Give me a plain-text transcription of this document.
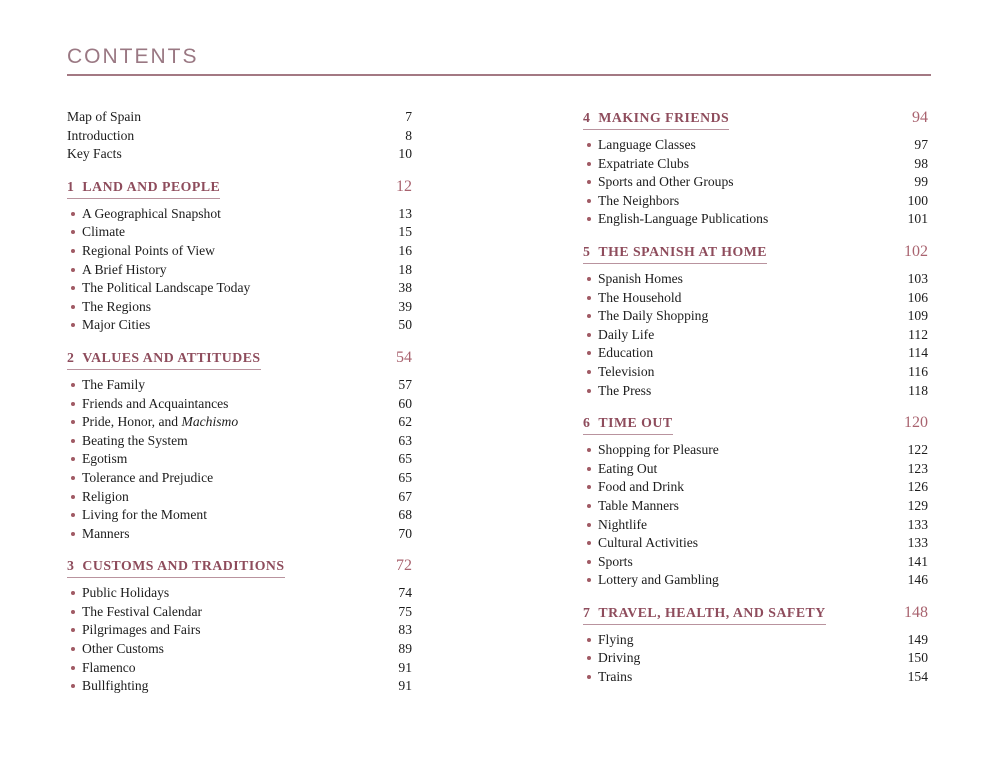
CONTENTS
Map of Spain	7
Introduction	8
Key Facts	10
1 LAND AND PEOPLE	12
A Geographical Snapshot	13
Climate	15
Regional Points of View	16
A Brief History	18
The Political Landscape Today	38
The Regions	39
Major Cities	50
2 VALUES AND ATTITUDES	54
The Family	57
Friends and Acquaintances	60
Pride, Honor, and Machismo	62
Beating the System	63
Egotism	65
Tolerance and Prejudice	65
Religion	67
Living for the Moment	68
Manners	70
3 CUSTOMS AND TRADITIONS	72
Public Holidays	74
The Festival Calendar	75
Pilgrimages and Fairs	83
Other Customs	89
Flamenco	91
Bullfighting	91
4 MAKING FRIENDS	94
Language Classes	97
Expatriate Clubs	98
Sports and Other Groups	99
The Neighbors	100
English-Language Publications	101
5 THE SPANISH AT HOME	102
Spanish Homes	103
The Household	106
The Daily Shopping	109
Daily Life	112
Education	114
Television	116
The Press	118
6 TIME OUT	120
Shopping for Pleasure	122
Eating Out	123
Food and Drink	126
Table Manners	129
Nightlife	133
Cultural Activities	133
Sports	141
Lottery and Gambling	146
7 TRAVEL, HEALTH, AND SAFETY	148
Flying	149
Driving	150
Trains	154
